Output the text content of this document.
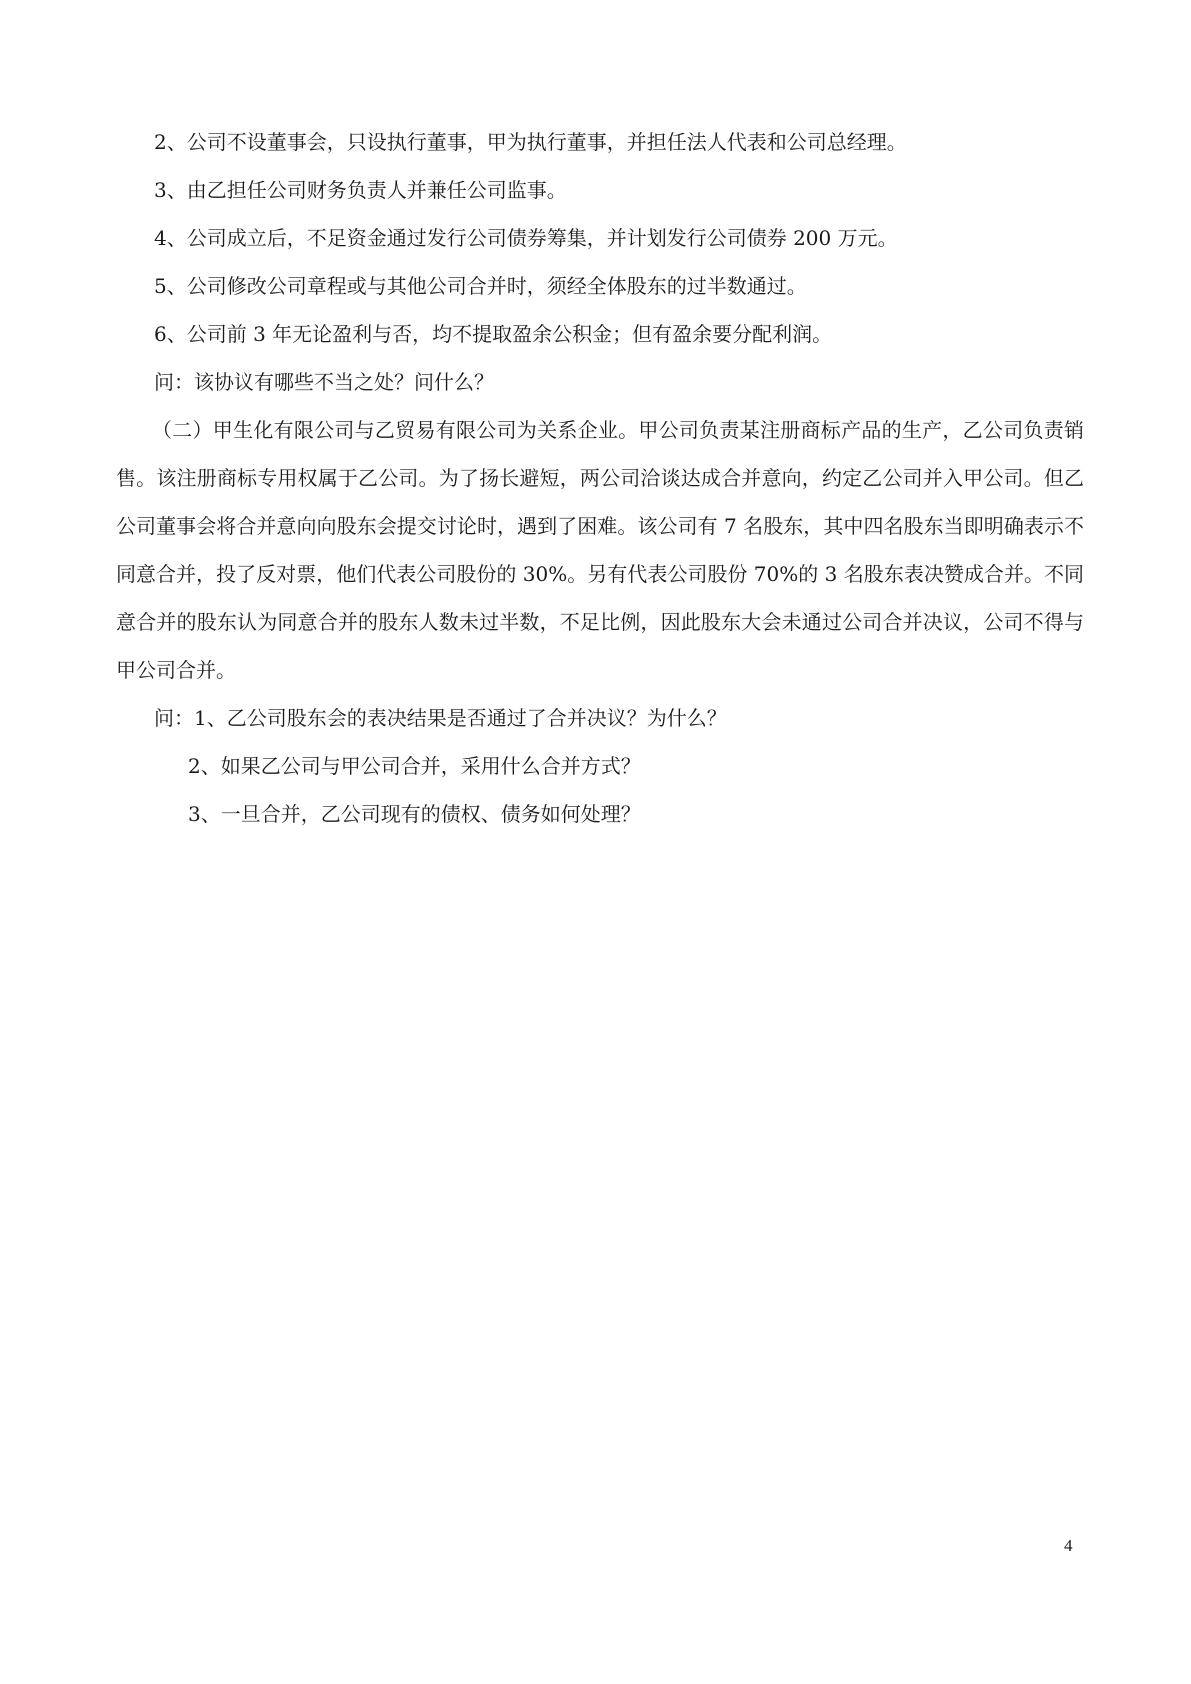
2、公司不设董事会，只设执行董事，甲为执行董事，并担任法人代表和公司总经理。

3、由乙担任公司财务负责人并兼任公司监事。

4、公司成立后，不足资金通过发行公司债券筹集，并计划发行公司债券 200 万元。

5、公司修改公司章程或与其他公司合并时，须经全体股东的过半数通过。

6、公司前 3 年无论盈利与否，均不提取盈余公积金；但有盈余要分配利润。

问：该协议有哪些不当之处？问什么？

（二）甲生化有限公司与乙贸易有限公司为关系企业。甲公司负责某注册商标产品的生产，乙公司负责销售。该注册商标专用权属于乙公司。为了扬长避短，两公司洽谈达成合并意向，约定乙公司并入甲公司。但乙公司董事会将合并意向向股东会提交讨论时，遇到了困难。该公司有 7 名股东，其中四名股东当即明确表示不同意合并，投了反对票，他们代表公司股份的 30%。另有代表公司股份 70%的 3 名股东表决赞成合并。不同意合并的股东认为同意合并的股东人数未过半数，不足比例，因此股东大会未通过公司合并决议，公司不得与甲公司合并。

问：1、乙公司股东会的表决结果是否通过了合并决议？为什么？

2、如果乙公司与甲公司合并，采用什么合并方式？

3、一旦合并，乙公司现有的债权、债务如何处理？

4
